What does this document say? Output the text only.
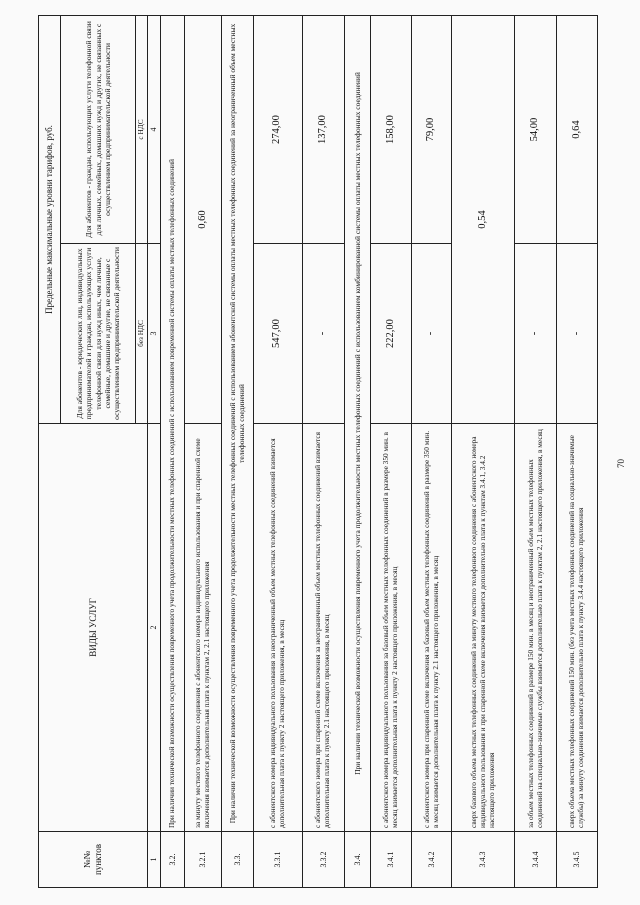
70
№№ пунктов	ВИДЫ УСЛУГ	Предельные максимальные уровни тарифов, руб.	
		Для абонентов - юридических лиц, индивидуальных предпринимателей и граждан, использующих услуги телефонной связи для нужд иных, чем личные, семейные, домашние и другие, не связанные с осуществлением предпринимательской деятельности	Для абонентов - граждан, использующих услуги телефонной связи для личных, семейных, домашних нужд и других, не связанных с осуществлением предпринимательской деятельности
		без НДС	с НДС
1	2	3	4
3.2.	При наличии технической возможности осуществления повременного учета продолжительности местных телефонных соединений с использованием повременной системы оплаты местных телефонных соединений		
3.2.1	за минуту местного телефонного соединения с абонентского номера индивидуального использования и при спаренной схеме включения взимается дополнительная плата к пунктам 2, 2.1 настоящего приложения	0,60	
3.3.	При наличии технической возможности осуществления повременного учета продолжительности местных телефонных соединений с использованием абонентской системы оплаты местных телефонных соединений за неограниченный объем местных телефонных соединений		
3.3.1	с абонентского номера индивидуального пользования за неограниченный объем местных телефонных соединений взимается дополнительная плата к пункту 2 настоящего приложения, в месяц	547,00	274,00
3.3.2	с абонентского номера при спаренной схеме включения за неограниченный объем местных телефонных соединений взимается дополнительная плата к пункту 2.1 настоящего приложения, в месяц	-	137,00
3.4.	При наличии технической возможности осуществления повременного учета продолжительности местных телефонных соединений с использованием комбинированной системы оплаты местных телефонных соединений		
3.4.1	с абонентского номера индивидуального пользования за базовый объем местных телефонных соединений в размере 350 мин. в месяц взимается дополнительная плата к пункту 2 настоящего приложения, в месяц	222,00	158,00
3.4.2	с абонентского номера при спаренной схеме включения за базовый объем местных телефонных соединений в размере 350 мин. в месяц взимается дополнительная плата к пункту 2.1 настоящего приложения, в месяц	-	79,00
3.4.3	сверх базового объема местных телефонных соединений за минуту местного телефонного соединения с абонентского номера индивидуального пользования и при спаренной схеме включения взимается дополнительно плата к пунктам 3.4.1, 3.4.2 настоящего приложения	0,54	
3.4.4	за объем местных телефонных соединений в размере 150 мин. в месяц и неограниченный объем местных телефонных соединений на специально-значимые службы взимается дополнительно плата к пунктам 2, 2.1 настоящего приложения, в месяц	-	54,00
3.4.5	сверх объема местных телефонных соединений 150 мин. (без учета местных телефонных соединений на социально-значимые службы) за минуту соединения взимается дополнительно плата к пункту 3.4.4 настоящего приложения	-	0,64
